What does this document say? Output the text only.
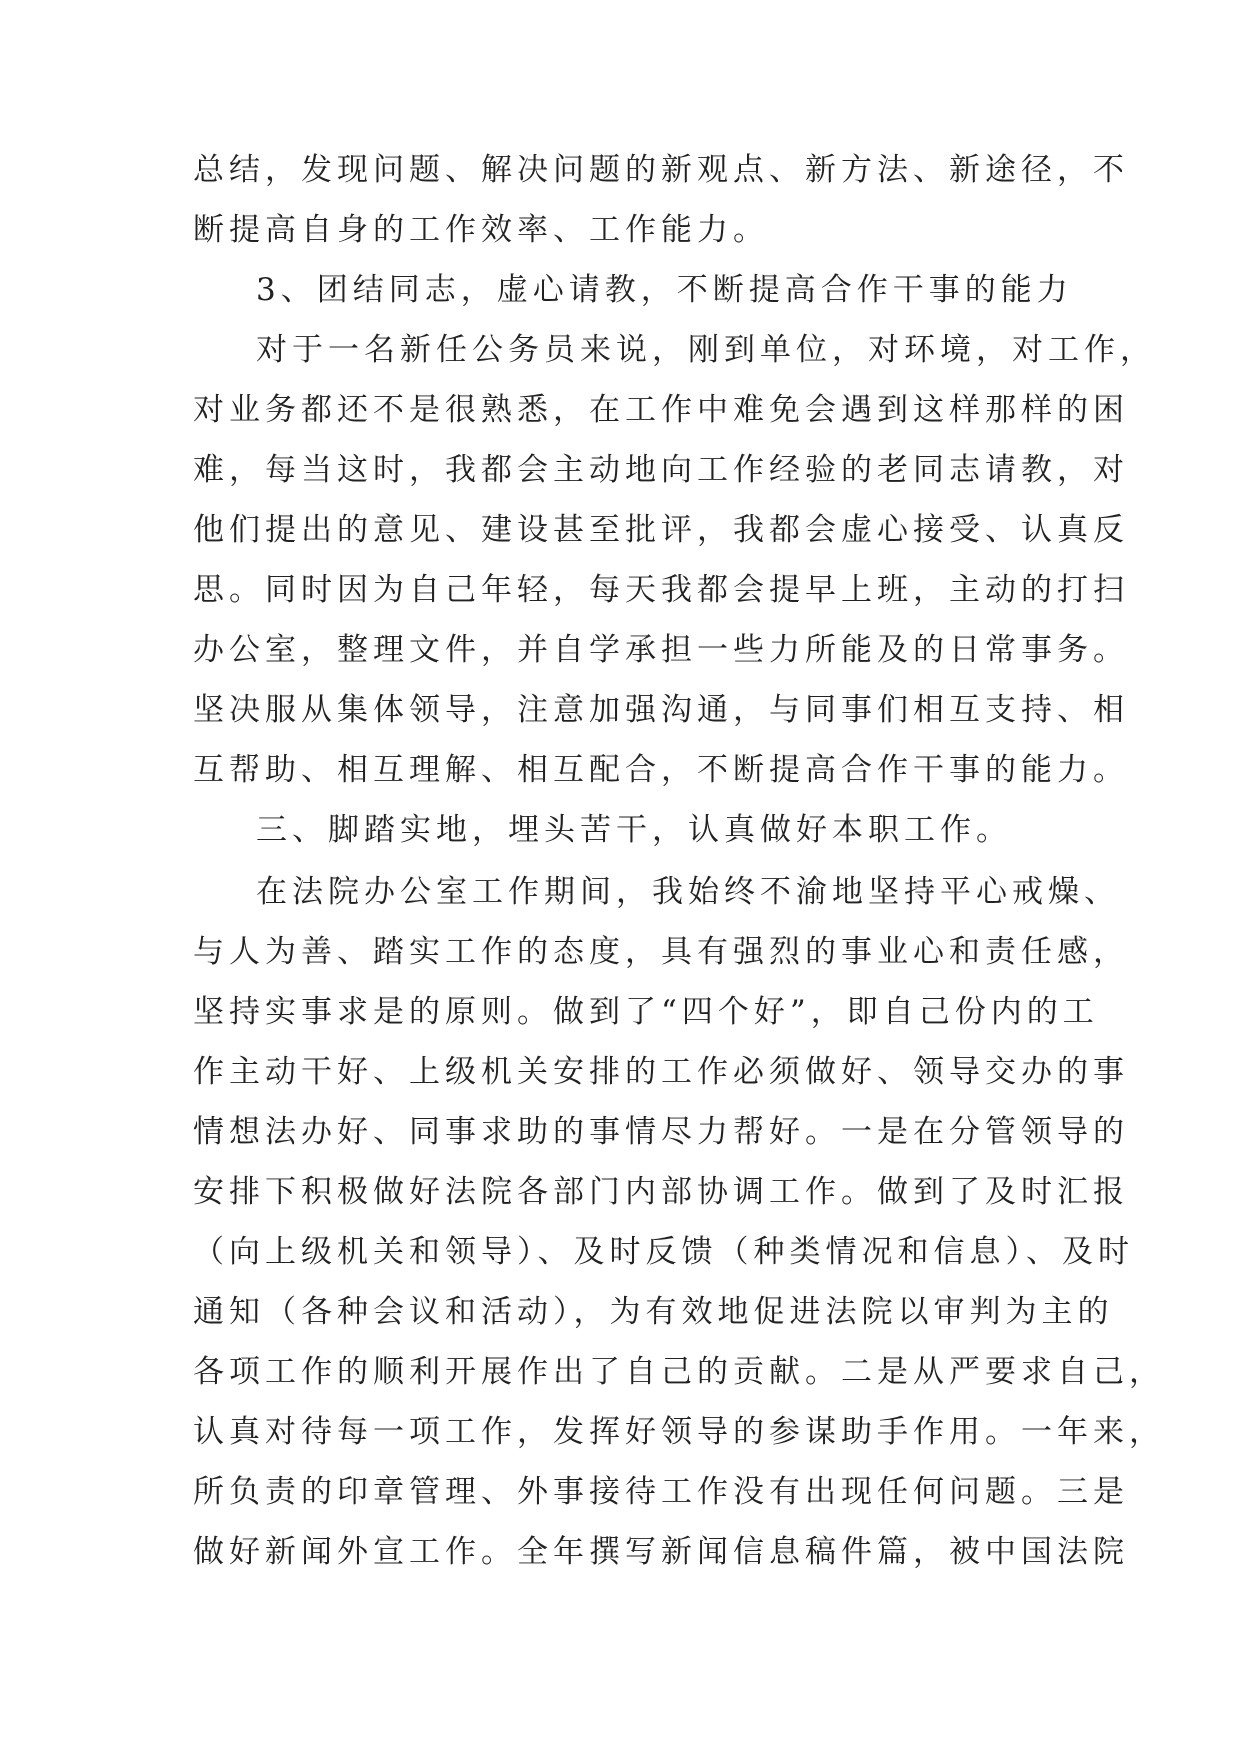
总结，发现问题、解决问题的新观点、新方法、新途径，不
断提高自身的工作效率、工作能力。
3、团结同志，虚心请教，不断提高合作干事的能力
对于一名新任公务员来说，刚到单位，对环境，对工作，
对业务都还不是很熟悉，在工作中难免会遇到这样那样的困
难，每当这时，我都会主动地向工作经验的老同志请教，对
他们提出的意见、建设甚至批评，我都会虚心接受、认真反
思。同时因为自己年轻，每天我都会提早上班，主动的打扫
办公室，整理文件，并自学承担一些力所能及的日常事务。
坚决服从集体领导，注意加强沟通，与同事们相互支持、相
互帮助、相互理解、相互配合，不断提高合作干事的能力。
三、脚踏实地，埋头苦干，认真做好本职工作。
在法院办公室工作期间，我始终不渝地坚持平心戒燥、
与人为善、踏实工作的态度，具有强烈的事业心和责任感，
坚持实事求是的原则。做到了“四个好”，即自己份内的工
作主动干好、上级机关安排的工作必须做好、领导交办的事
情想法办好、同事求助的事情尽力帮好。一是在分管领导的
安排下积极做好法院各部门内部协调工作。做到了及时汇报
（向上级机关和领导）、及时反馈（种类情况和信息）、及时
通知（各种会议和活动），为有效地促进法院以审判为主的
各项工作的顺利开展作出了自己的贡献。二是从严要求自己，
认真对待每一项工作，发挥好领导的参谋助手作用。一年来，
所负责的印章管理、外事接待工作没有出现任何问题。三是
做好新闻外宣工作。全年撰写新闻信息稿件篇，被中国法院
